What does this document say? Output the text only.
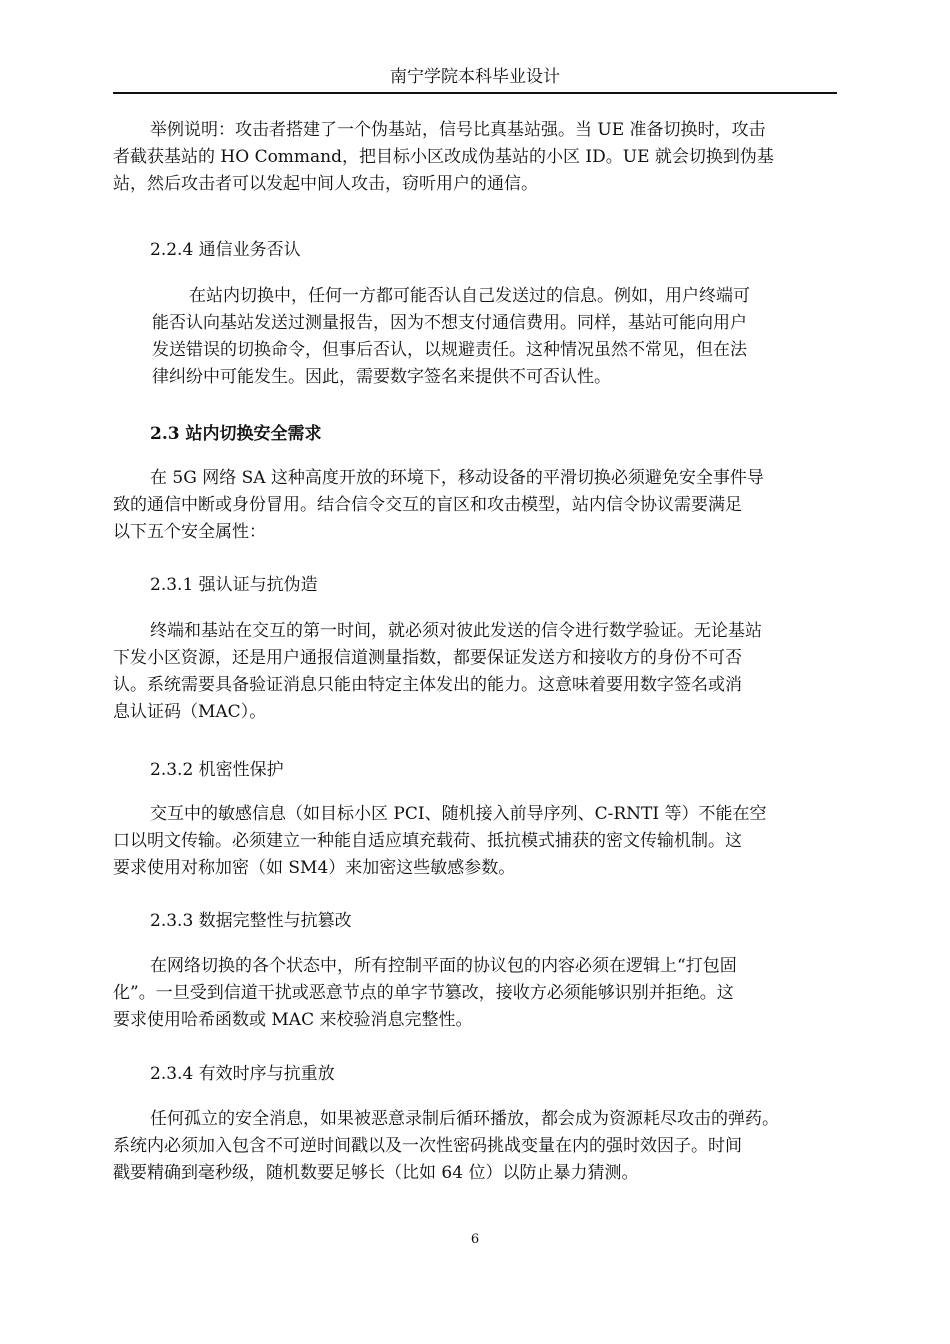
南宁学院本科毕业设计
举例说明：攻击者搭建了一个伪基站，信号比真基站强。当 UE 准备切换时，攻击
者截获基站的 HO Command，把目标小区改成伪基站的小区 ID。UE 就会切换到伪基
站，然后攻击者可以发起中间人攻击，窃听用户的通信。
2.2.4 通信业务否认
在站内切换中，任何一方都可能否认自己发送过的信息。例如，用户终端可
能否认向基站发送过测量报告，因为不想支付通信费用。同样，基站可能向用户
发送错误的切换命令，但事后否认，以规避责任。这种情况虽然不常见，但在法
律纠纷中可能发生。因此，需要数字签名来提供不可否认性。
2.3 站内切换安全需求
在 5G 网络 SA 这种高度开放的环境下，移动设备的平滑切换必须避免安全事件导
致的通信中断或身份冒用。结合信令交互的盲区和攻击模型，站内信令协议需要满足
以下五个安全属性：
2.3.1 强认证与抗伪造
终端和基站在交互的第一时间，就必须对彼此发送的信令进行数学验证。无论基站
下发小区资源，还是用户通报信道测量指数，都要保证发送方和接收方的身份不可否
认。系统需要具备验证消息只能由特定主体发出的能力。这意味着要用数字签名或消
息认证码（MAC）。
2.3.2 机密性保护
交互中的敏感信息（如目标小区 PCI、随机接入前导序列、C-RNTI 等）不能在空
口以明文传输。必须建立一种能自适应填充载荷、抵抗模式捕获的密文传输机制。这
要求使用对称加密（如 SM4）来加密这些敏感参数。
2.3.3 数据完整性与抗篡改
在网络切换的各个状态中，所有控制平面的协议包的内容必须在逻辑上“打包固
化”。一旦受到信道干扰或恶意节点的单字节篡改，接收方必须能够识别并拒绝。这
要求使用哈希函数或 MAC 来校验消息完整性。
2.3.4 有效时序与抗重放
任何孤立的安全消息，如果被恶意录制后循环播放，都会成为资源耗尽攻击的弹药。
系统内必须加入包含不可逆时间戳以及一次性密码挑战变量在内的强时效因子。时间
戳要精确到毫秒级，随机数要足够长（比如 64 位）以防止暴力猜测。
6
